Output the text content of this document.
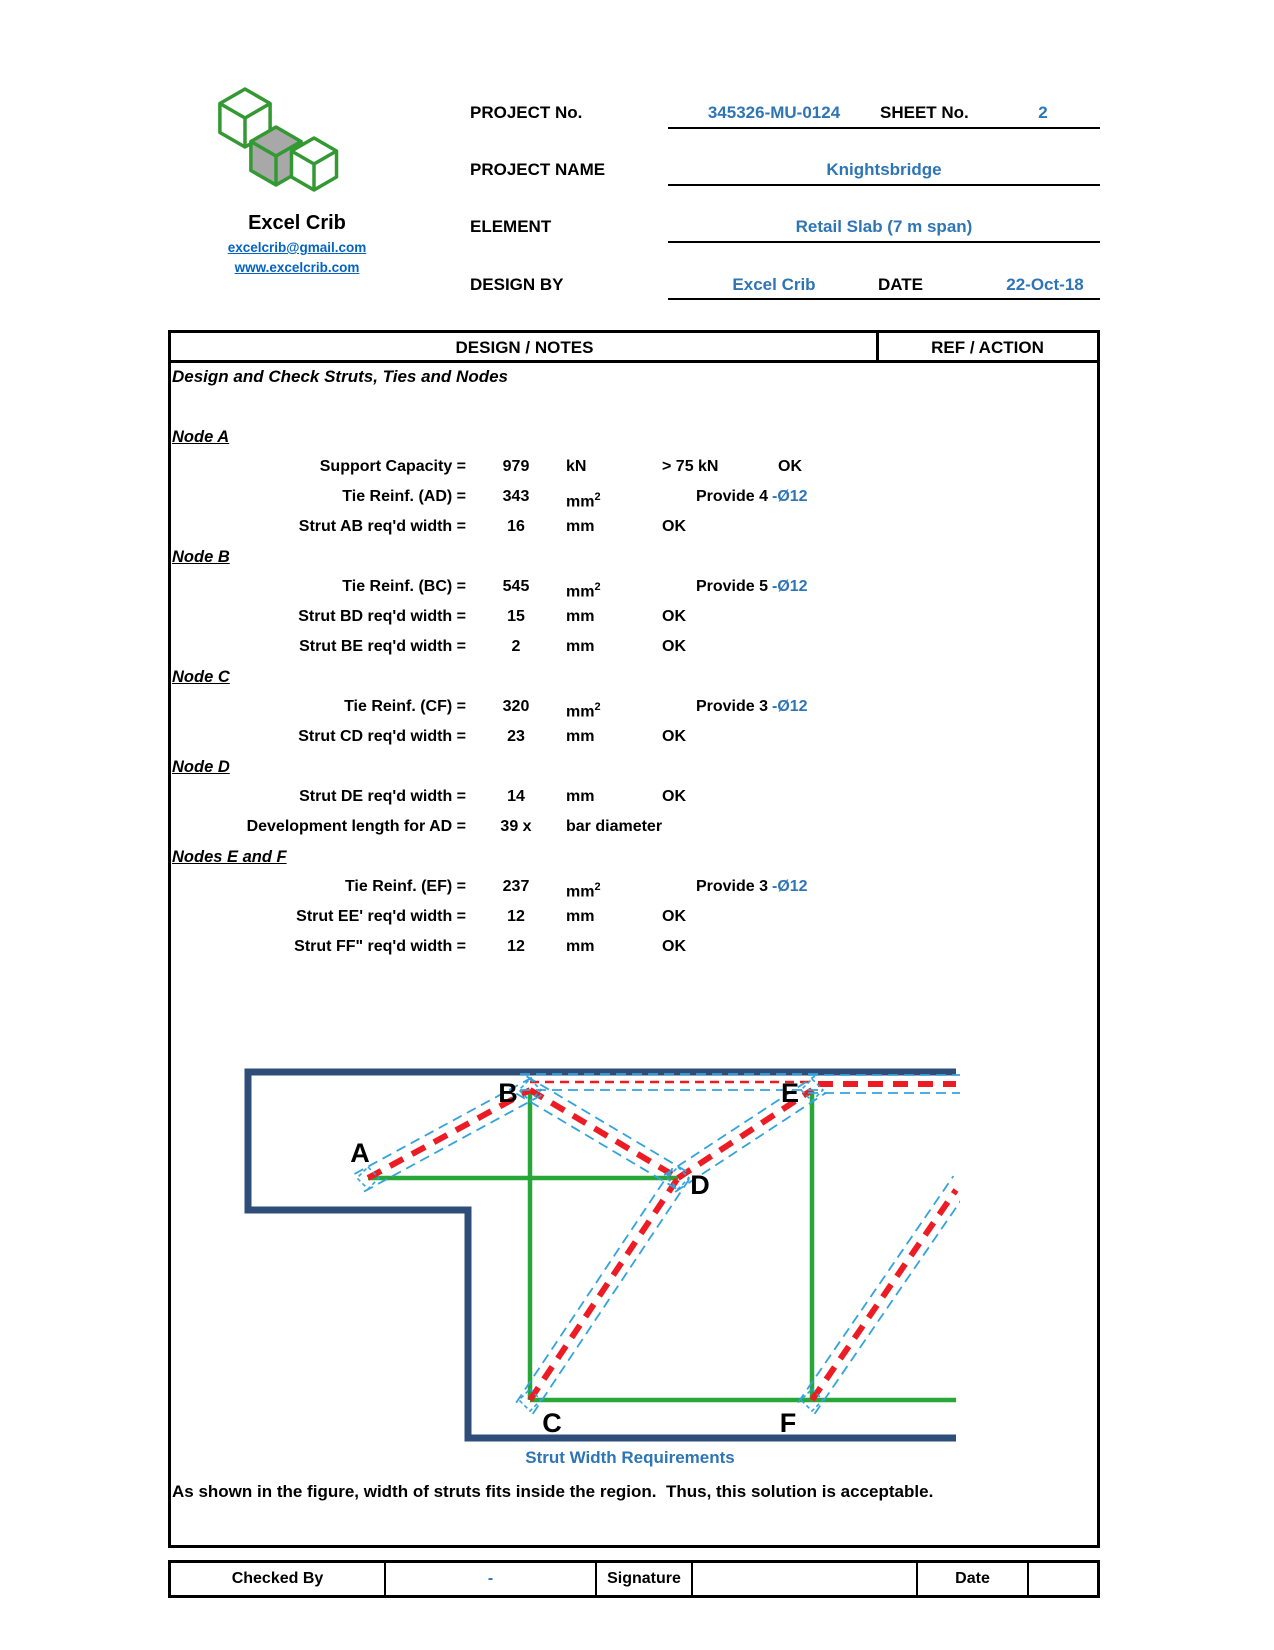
Excel Crib
excelcrib@gmail.com
www.excelcrib.com
PROJECT No.	345326-MU-0124	SHEET No.	2
PROJECT NAME	Knightsbridge
ELEMENT	Retail Slab (7 m span)
DESIGN BY	Excel Crib	DATE	22-Oct-18
DESIGN / NOTES	REF / ACTION
Design and Check Struts, Ties and Nodes
Node A
Support Capacity =	979	kN	> 75 kN	OK
Tie Reinf. (AD) =	343	$mm^2$	Provide 4 -Ø12
Strut AB req'd width =	16	mm	OK
Node B
Tie Reinf. (BC) =	545	$mm^2$	Provide 5 -Ø12
Strut BD req'd width =	15	mm	OK
Strut BE req'd width =	2	mm	OK
Node C
Tie Reinf. (CF) =	320	$mm^2$	Provide 3 -Ø12
Strut CD req'd width =	23	mm	OK
Node D
Strut DE req'd width =	14	mm	OK
Development length for AD =	39 x	bar diameter
Nodes E and F
Tie Reinf. (EF) =	237	$mm^2$	Provide 3 -Ø12
Strut EE' req'd width =	12	mm	OK
Strut FF" req'd width =	12	mm	OK
A
B
C
D
E
F
Strut Width Requirements
As shown in the figure, width of struts fits inside the region.  Thus, this solution is acceptable.
Checked By	-	Signature	Date
